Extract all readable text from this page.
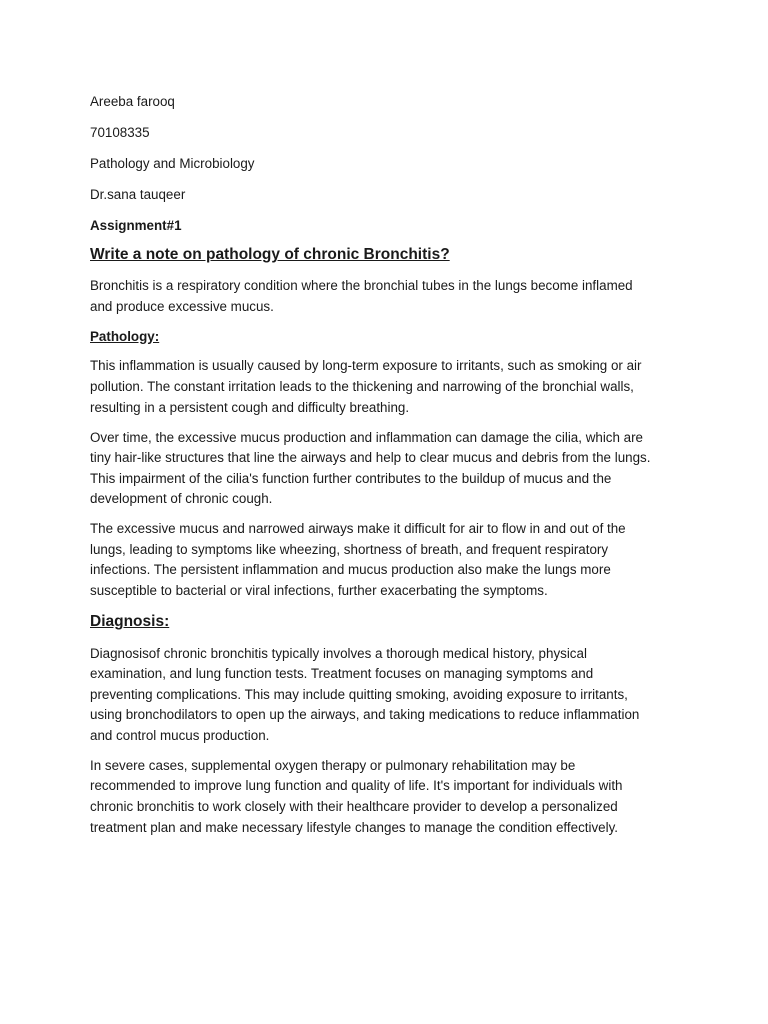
Areeba farooq

70108335

Pathology and Microbiology

Dr.sana tauqeer

Assignment#1

Write a note on pathology of chronic Bronchitis?
Bronchitis is a respiratory condition where the bronchial tubes in the lungs become inflamed
and produce excessive mucus.
Pathology:
This inflammation is usually caused by long-term exposure to irritants, such as smoking or air
pollution. The constant irritation leads to the thickening and narrowing of the bronchial walls,
resulting in a persistent cough and difficulty breathing.
Over time, the excessive mucus production and inflammation can damage the cilia, which are
tiny hair-like structures that line the airways and help to clear mucus and debris from the lungs.
This impairment of the cilia's function further contributes to the buildup of mucus and the
development of chronic cough.
The excessive mucus and narrowed airways make it difficult for air to flow in and out of the
lungs, leading to symptoms like wheezing, shortness of breath, and frequent respiratory
infections. The persistent inflammation and mucus production also make the lungs more
susceptible to bacterial or viral infections, further exacerbating the symptoms.
Diagnosis:
Diagnosisof chronic bronchitis typically involves a thorough medical history, physical
examination, and lung function tests. Treatment focuses on managing symptoms and
preventing complications. This may include quitting smoking, avoiding exposure to irritants,
using bronchodilators to open up the airways, and taking medications to reduce inflammation
and control mucus production.
In severe cases, supplemental oxygen therapy or pulmonary rehabilitation may be
recommended to improve lung function and quality of life. It's important for individuals with
chronic bronchitis to work closely with their healthcare provider to develop a personalized
treatment plan and make necessary lifestyle changes to manage the condition effectively.
